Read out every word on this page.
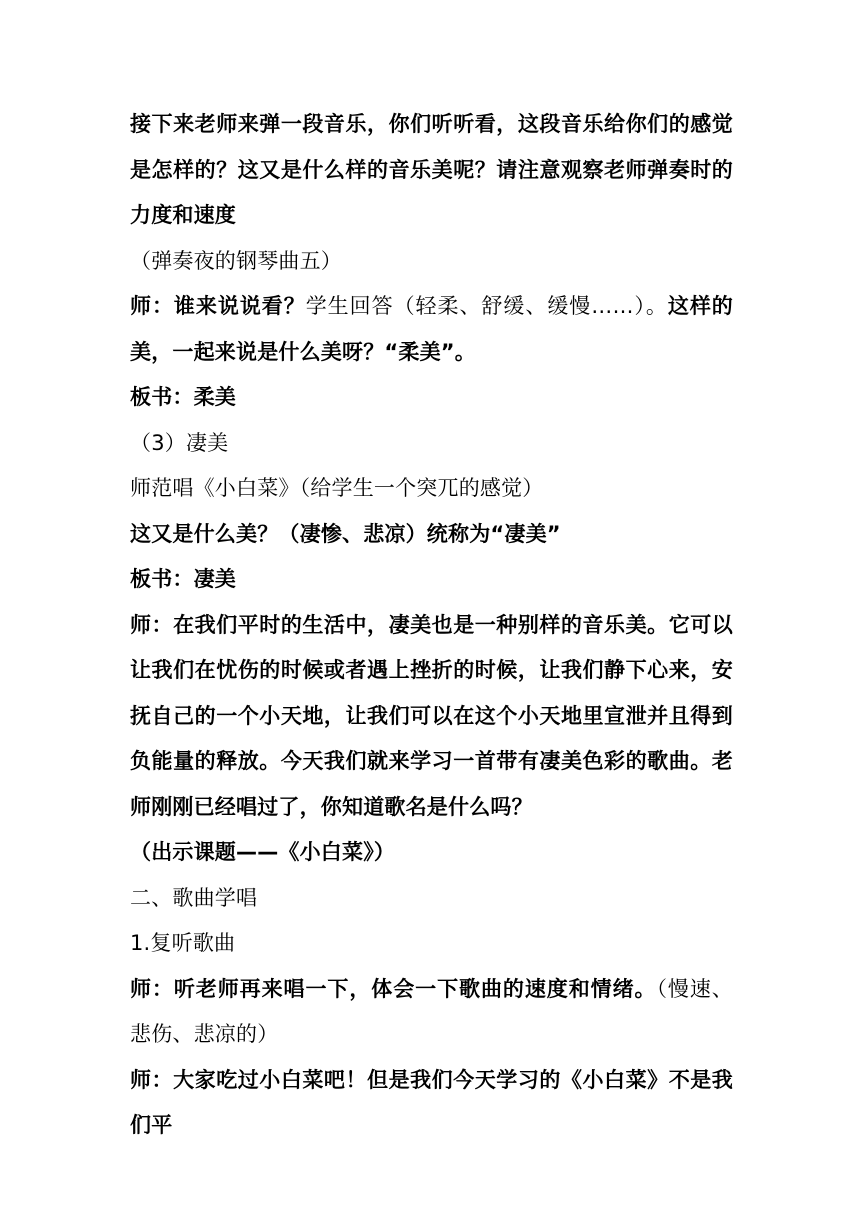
接下来老师来弹一段音乐，你们听听看，这段音乐给你们的感觉是怎样的？这又是什么样的音乐美呢？请注意观察老师弹奏时的力度和速度

（弹奏夜的钢琴曲五）

师：谁来说说看？学生回答（轻柔、舒缓、缓慢……）。这样的美，一起来说是什么美呀？“柔美”。

板书：柔美

（3）凄美

师范唱《小白菜》（给学生一个突兀的感觉）

这又是什么美？（凄惨、悲凉）统称为“凄美”

板书：凄美

师：在我们平时的生活中，凄美也是一种别样的音乐美。它可以让我们在忧伤的时候或者遇上挫折的时候，让我们静下心来，安抚自己的一个小天地，让我们可以在这个小天地里宣泄并且得到负能量的释放。今天我们就来学习一首带有凄美色彩的歌曲。老师刚刚已经唱过了，你知道歌名是什么吗？

（出示课题——《小白菜》）

二、歌曲学唱

1.复听歌曲

师：听老师再来唱一下，体会一下歌曲的速度和情绪。（慢速、悲伤、悲凉的）

师：大家吃过小白菜吧！但是我们今天学习的《小白菜》不是我们平
